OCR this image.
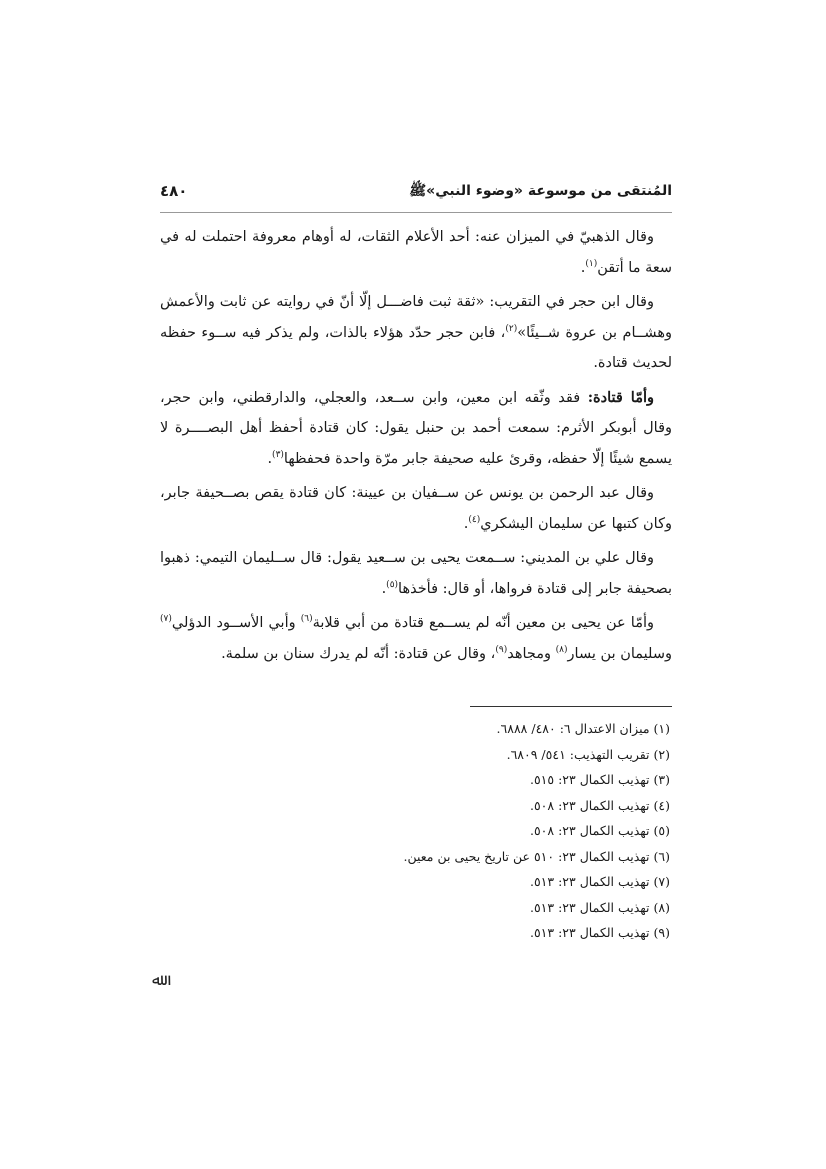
٤٨٠	المُنتقى من موسوعة «وضوء النبي»ﷺ

وقال الذهبيّ في الميزان عنه: أحد الأعلام الثقات، له أوهام معروفة احتملت له في سعة ما أتقن$^{(١)}$.

وقال ابن حجر في التقريب: «ثقة ثبت فاضـــل إلّا أنّ في روايته عن ثابت والأعمش وهشــام بن عروة شــيئًا»$^{(٢)}$، فابن حجر حدّد هؤلاء بالذات، ولم يذكر فيه ســوء حفظه لحديث قتادة.

وأمّا قتادة: فقد وثّقه ابن معين، وابن ســعد، والعجلي، والدارقطني، وابن حجر، وقال أبوبكر الأثرم: سمعت أحمد بن حنبل يقول: كان قتادة أحفظ أهل البصــــرة لا يسمع شيئًا إلّا حفظه، وقرئ عليه صحيفة جابر مرّة واحدة فحفظها$^{(٣)}$.

وقال عبد الرحمن بن يونس عن ســفيان بن عيينة: كان قتادة يقص بصــحيفة جابر، وكان كتبها عن سليمان اليشكري$^{(٤)}$.

وقال علي بن المديني: ســمعت يحيى بن ســعيد يقول: قال ســليمان التيمي: ذهبوا بصحيفة جابر إلى قتادة فرواها، أو قال: فأخذها$^{(٥)}$.

وأمّا عن يحيى بن معين أنّه لم يســمع قتادة من أبي قلابة$^{(٦)}$ وأبي الأســود الدؤلي$^{(٧)}$ وسليمان بن يسار$^{(٨)}$ ومجاهد$^{(٩)}$، وقال عن قتادة: أنّه لم يدرك سنان بن سلمة.

(١) ميزان الاعتدال ٦: ٤٨٠/ ٦٨٨٨.

(٢) تقريب التهذيب: ٥٤١/ ٦٨٠٩.

(٣) تهذيب الكمال ٢٣: ٥١٥.

(٤) تهذيب الكمال ٢٣: ٥٠٨.

(٥) تهذيب الكمال ٢٣: ٥٠٨.

(٦) تهذيب الكمال ٢٣: ٥١٠ عن تاريخ يحيى بن معين.

(٧) تهذيب الكمال ٢٣: ٥١٣.

(٨) تهذيب الكمال ٢٣: ٥١٣.

(٩) تهذيب الكمال ٢٣: ٥١٣.

ﷲ
